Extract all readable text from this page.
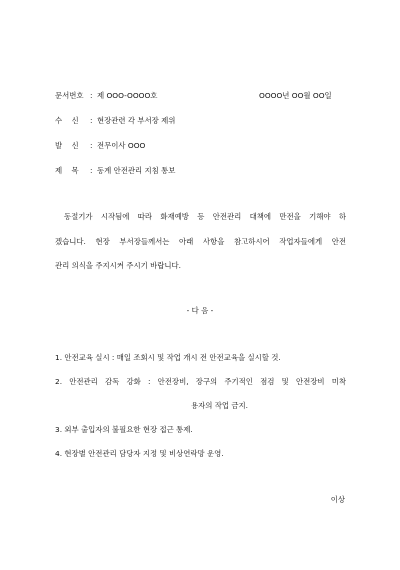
문서번호 : 제 OOO-OOOO호	OOOO년 OO월 OO일
수    신 : 현장관련 각 부서장 제위
발    신 : 전무이사 OOO
제    목 : 동계 안전관리 지침 통보
동절기가 시작됨에 따라 화재예방 등 안전관리 대책에 만전을 기해야 하
겠습니다. 현장 부서장들께서는 아래 사항을 참고하시어 작업자들에게 안전
관리 의식을 주지시켜 주시기 바랍니다.
- 다 음 -
1. 안전교육 실시 : 매일 조회시 및 작업 개시 전 안전교육을 실시할 것.
2. 안전관리 감독 강화 : 안전장비, 장구의 주기적인 점검 및 안전장비 미착
용자의 작업 금지.
3. 외부 출입자의 불필요한 현장 접근 통제.
4. 현장별 안전관리 담당자 지정 및 비상연락망 운영.
이상
